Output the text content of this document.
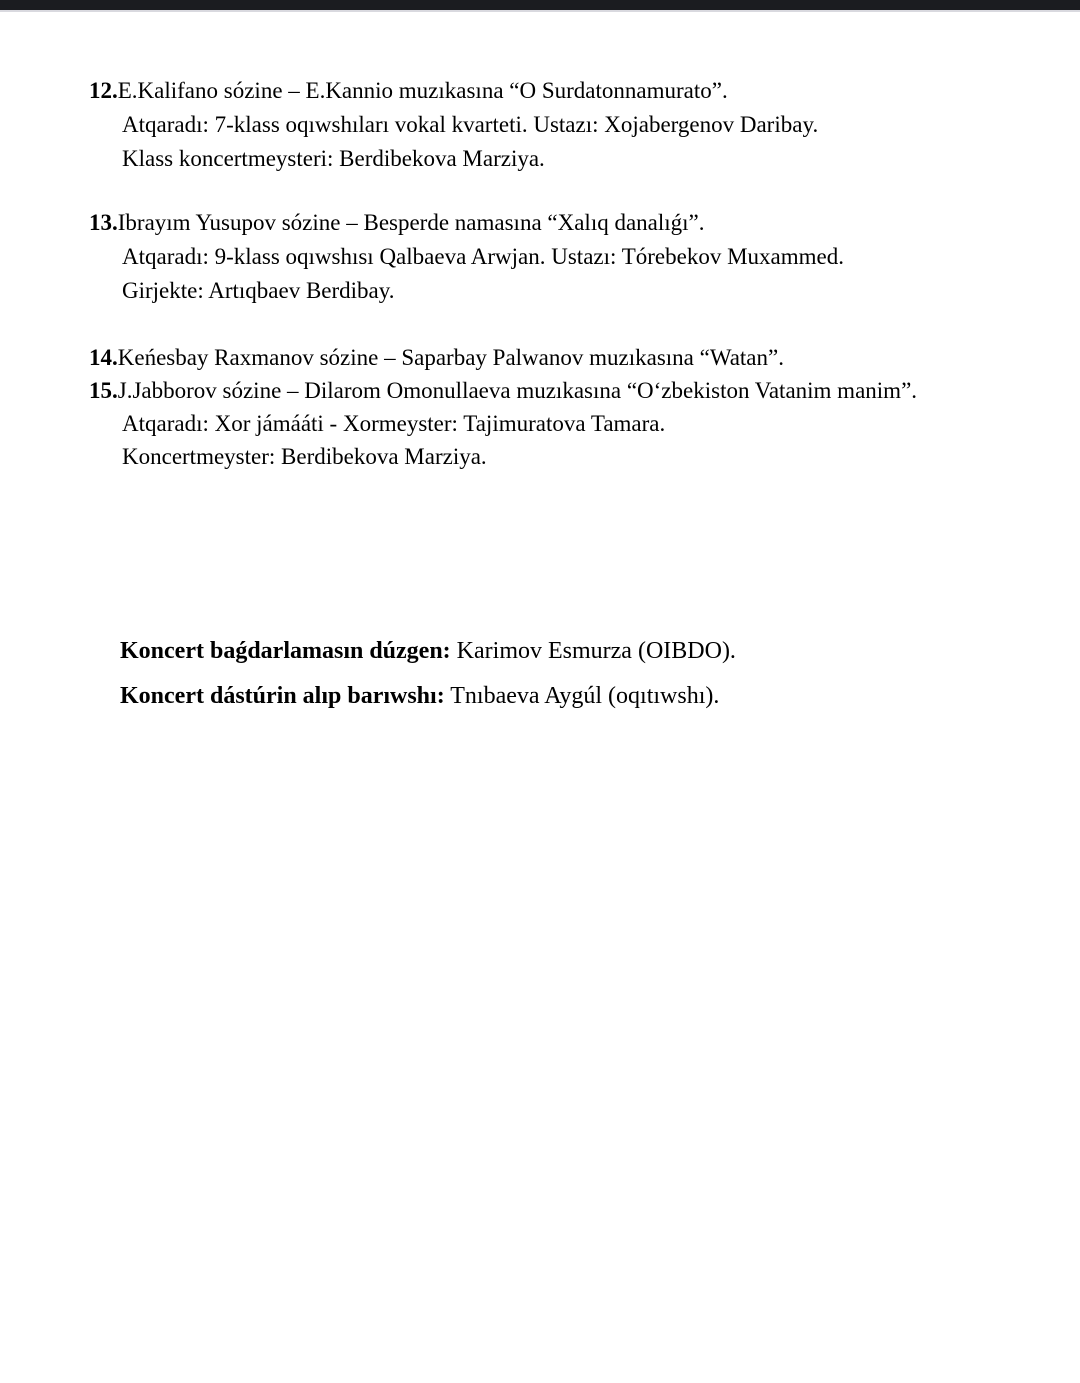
12.E.Kalifano sózine – E.Kannio muzıkasına “O Surdatonnamurato”.

Atqaradı: 7-klass oqıwshıları vokal kvarteti. Ustazı: Xojabergenov Daribay.

Klass koncertmeysteri: Berdibekova Marziya.

13.Ibrayım Yusupov sózine – Besperde namasına “Xalıq danalıǵı”.

Atqaradı: 9-klass oqıwshısı Qalbaeva Arwjan. Ustazı: Tórebekov Muxammed.

Girjekte: Artıqbaev Berdibay.

14.Keńesbay Raxmanov sózine – Saparbay Palwanov muzıkasına “Watan”.

15.J.Jabborov sózine – Dilarom Omonullaeva muzıkasına “Oʻzbekiston Vatanim manim”.

Atqaradı: Xor jámááti - Xormeyster: Tajimuratova Tamara.

Koncertmeyster: Berdibekova Marziya.

Koncert baǵdarlamasın dúzgen: Karimov Esmurza (OIBDO).

Koncert dástúrin alıp barıwshı: Tnıbaeva Aygúl (oqıtıwshı).
